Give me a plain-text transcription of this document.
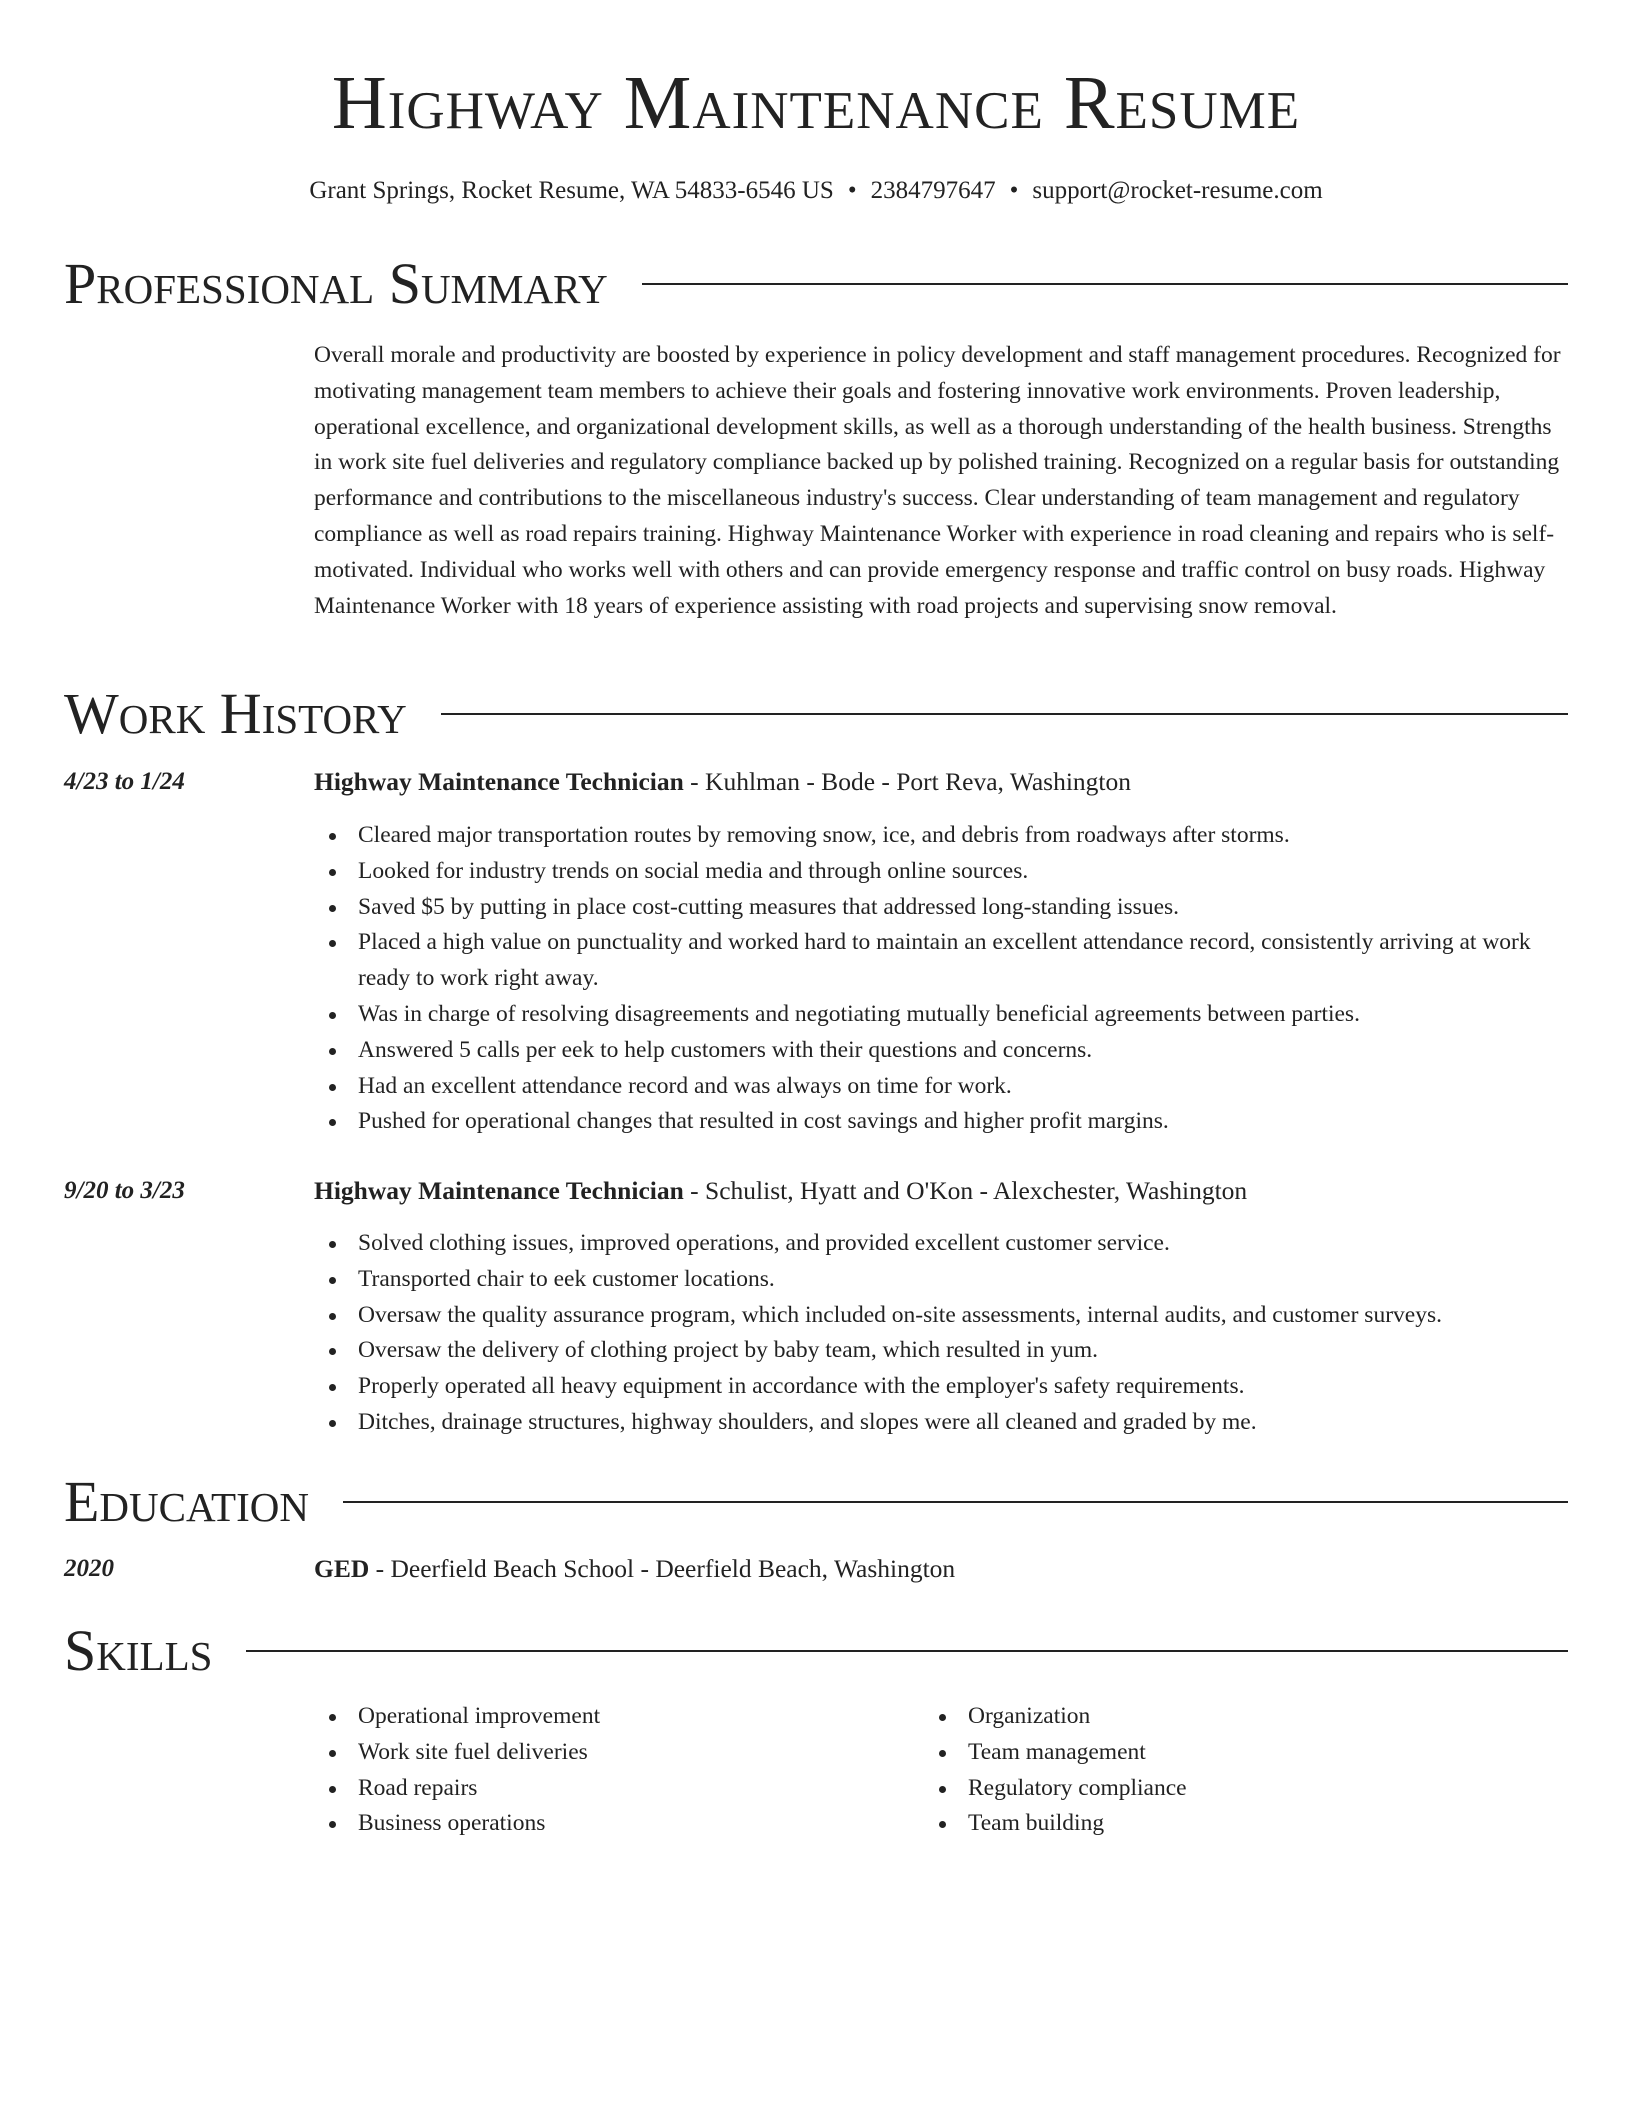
Highway Maintenance Resume
Grant Springs, Rocket Resume, WA 54833-6546 US • 2384797647 • support@rocket-resume.com
Professional Summary
Overall morale and productivity are boosted by experience in policy development and staff management procedures. Recognized for motivating management team members to achieve their goals and fostering innovative work environments. Proven leadership, operational excellence, and organizational development skills, as well as a thorough understanding of the health business. Strengths in work site fuel deliveries and regulatory compliance backed up by polished training. Recognized on a regular basis for outstanding performance and contributions to the miscellaneous industry's success. Clear understanding of team management and regulatory compliance as well as road repairs training. Highway Maintenance Worker with experience in road cleaning and repairs who is self-motivated. Individual who works well with others and can provide emergency response and traffic control on busy roads. Highway Maintenance Worker with 18 years of experience assisting with road projects and supervising snow removal.
Work History
4/23 to 1/24	Highway Maintenance Technician - Kuhlman - Bode - Port Reva, Washington
Cleared major transportation routes by removing snow, ice, and debris from roadways after storms.
Looked for industry trends on social media and through online sources.
Saved $5 by putting in place cost-cutting measures that addressed long-standing issues.
Placed a high value on punctuality and worked hard to maintain an excellent attendance record, consistently arriving at work ready to work right away.
Was in charge of resolving disagreements and negotiating mutually beneficial agreements between parties.
Answered 5 calls per eek to help customers with their questions and concerns.
Had an excellent attendance record and was always on time for work.
Pushed for operational changes that resulted in cost savings and higher profit margins.
9/20 to 3/23	Highway Maintenance Technician - Schulist, Hyatt and O'Kon - Alexchester, Washington
Solved clothing issues, improved operations, and provided excellent customer service.
Transported chair to eek customer locations.
Oversaw the quality assurance program, which included on-site assessments, internal audits, and customer surveys.
Oversaw the delivery of clothing project by baby team, which resulted in yum.
Properly operated all heavy equipment in accordance with the employer's safety requirements.
Ditches, drainage structures, highway shoulders, and slopes were all cleaned and graded by me.
Education
2020	GED - Deerfield Beach School - Deerfield Beach, Washington
Skills
Operational improvement
Work site fuel deliveries
Road repairs
Business operations
Organization
Team management
Regulatory compliance
Team building
